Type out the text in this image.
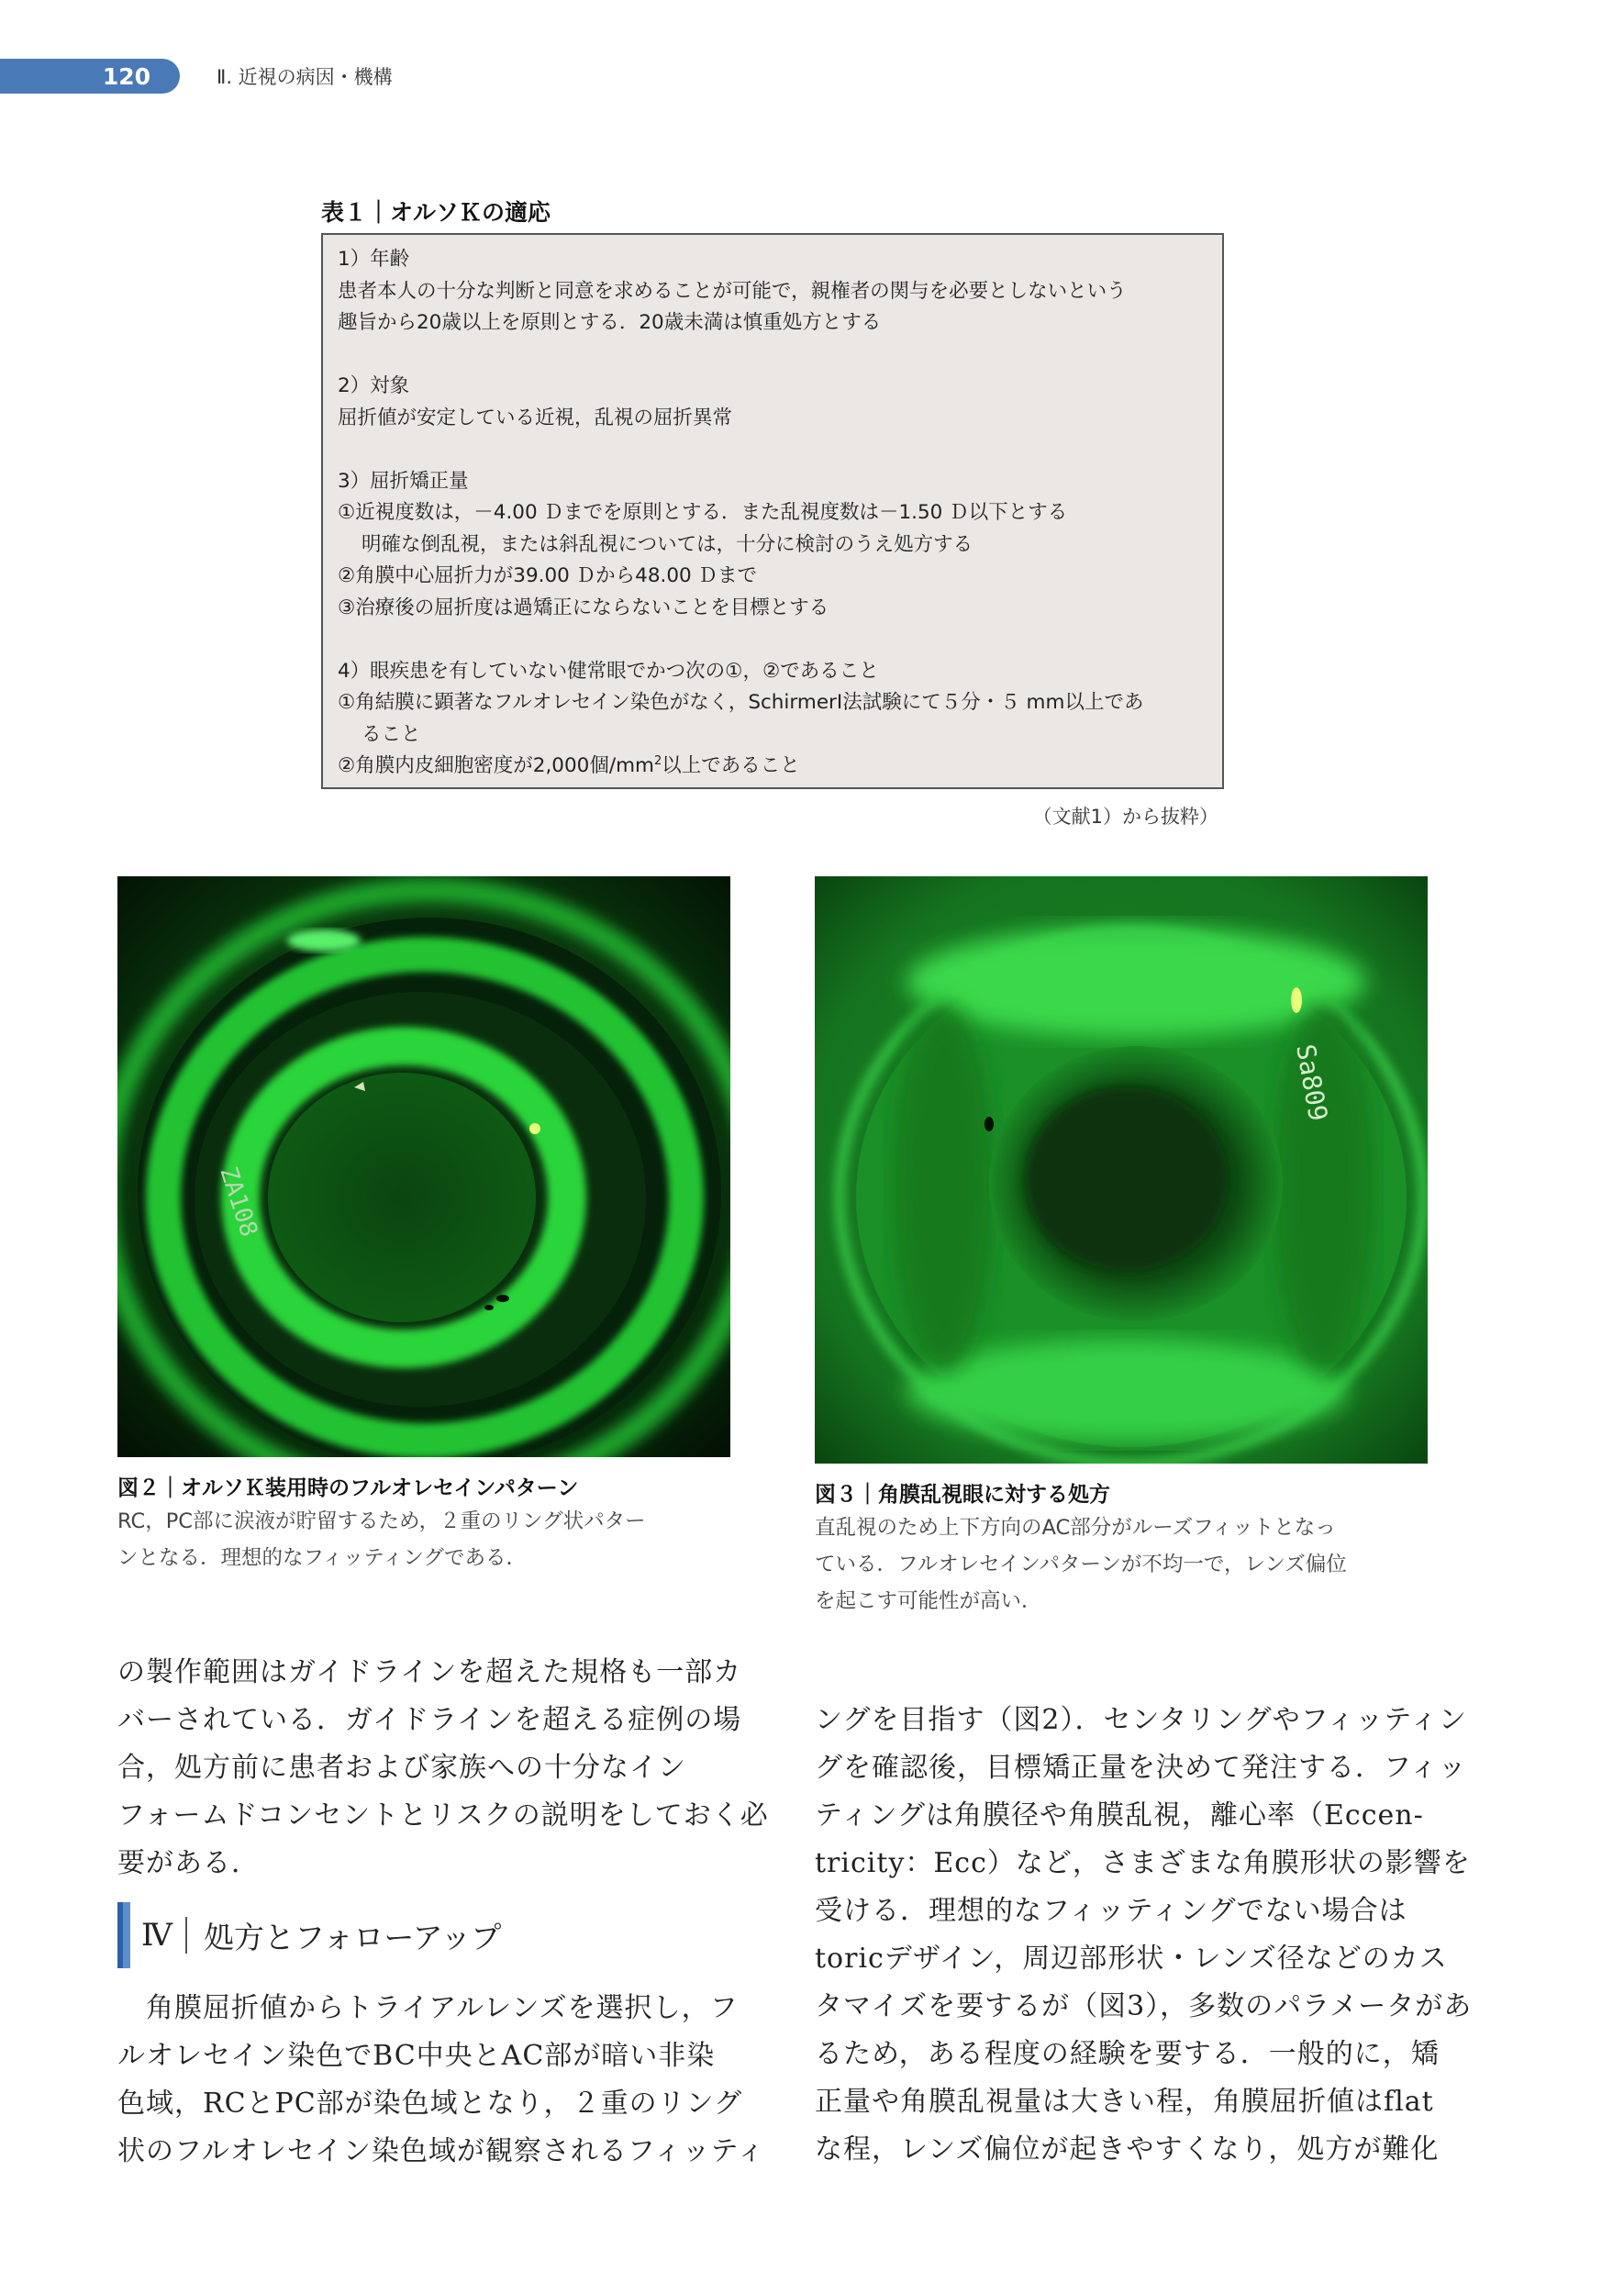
120	Ⅱ. 近視の病因・機構
表１｜オルソＫの適応
1）年齢
患者本人の十分な判断と同意を求めることが可能で，親権者の関与を必要としないという
趣旨から20歳以上を原則とする．20歳未満は慎重処方とする
2）対象
屈折値が安定している近視，乱視の屈折異常
3）屈折矯正量
①近視度数は，－4.00 Ｄまでを原則とする．また乱視度数は－1.50 Ｄ以下とする
明確な倒乱視，または斜乱視については，十分に検討のうえ処方する
②角膜中心屈折力が39.00 Ｄから48.00 Ｄまで
③治療後の屈折度は過矯正にならないことを目標とする
4）眼疾患を有していない健常眼でかつ次の①，②であること
①角結膜に顕著なフルオレセイン染色がなく，SchirmerⅠ法試験にて５分・５ mm以上であ
ること
②角膜内皮細胞密度が2,000個$/mm^2$以上であること
（文献1）から抜粋）
ZA108
Sa809
図２｜オルソＫ装用時のフルオレセインパターン
RC，PC部に涙液が貯留するため，２重のリング状パター
ンとなる．理想的なフィッティングである．
図３｜角膜乱視眼に対する処方
直乱視のため上下方向のAC部分がルーズフィットとなっ
ている．フルオレセインパターンが不均一で，レンズ偏位
を起こす可能性が高い．
の製作範囲はガイドラインを超えた規格も一部カ
バーされている．ガイドラインを超える症例の場
合，処方前に患者および家族への十分なイン
フォームドコンセントとリスクの説明をしておく必
要がある．
Ⅳ	処方とフォローアップ
　角膜屈折値からトライアルレンズを選択し，フ
ルオレセイン染色でBC中央とAC部が暗い非染
色域，RCとPC部が染色域となり，２重のリング
状のフルオレセイン染色域が観察されるフィッティ
ングを目指す（図2）．センタリングやフィッティン
グを確認後，目標矯正量を決めて発注する．フィッ
ティングは角膜径や角膜乱視，離心率（Eccen-
tricity：Ecc）など，さまざまな角膜形状の影響を
受ける．理想的なフィッティングでない場合は
toricデザイン，周辺部形状・レンズ径などのカス
タマイズを要するが（図3），多数のパラメータがあ
るため，ある程度の経験を要する．一般的に，矯
正量や角膜乱視量は大きい程，角膜屈折値はflat
な程，レンズ偏位が起きやすくなり，処方が難化
